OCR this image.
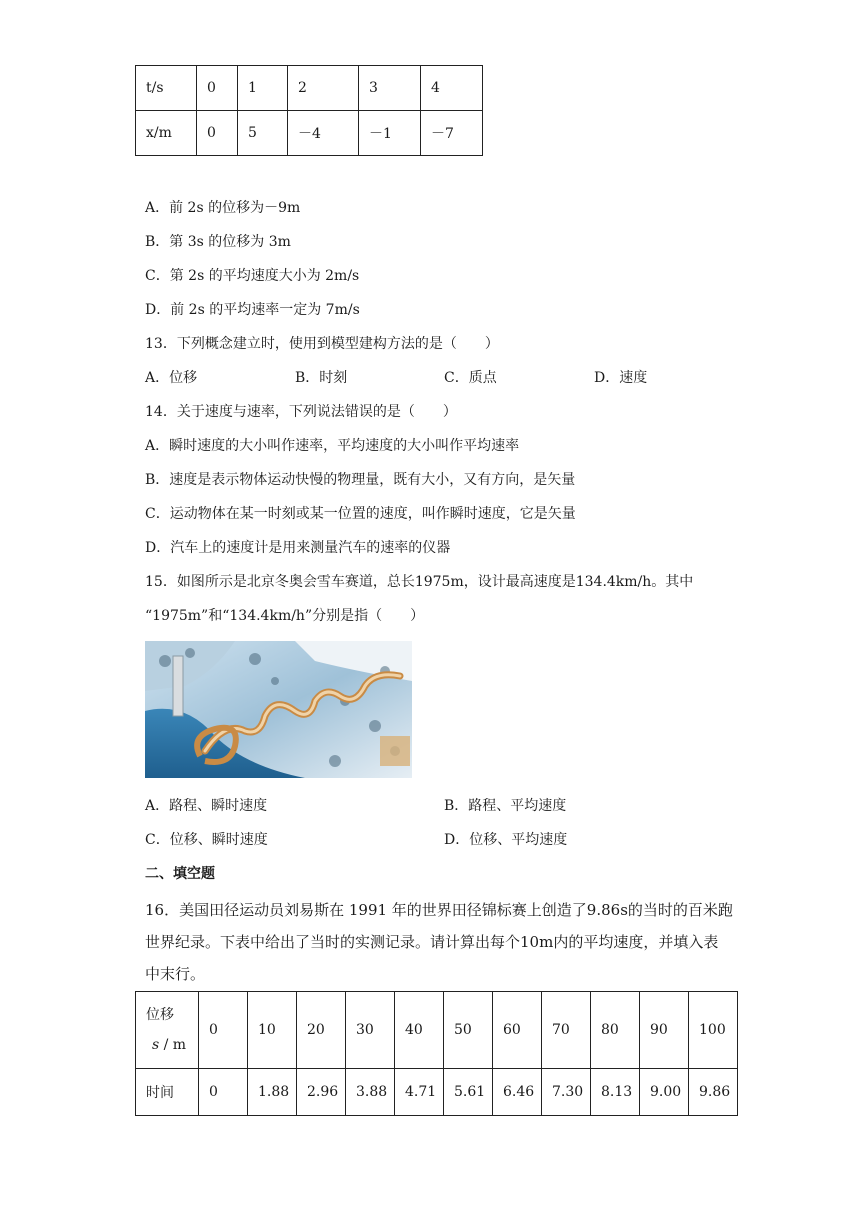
t/s	0	1	2	3	4
x/m	0	5	－4	－1	－7
A．前 2s 的位移为－9m
B．第 3s 的位移为 3m
C．第 2s 的平均速度大小为 2m/s
D．前 2s 的平均速率一定为 7m/s
13．下列概念建立时，使用到模型建构方法的是（　　）
A．位移	B．时刻	C．质点	D．速度
14．关于速度与速率，下列说法错误的是（　　）
A．瞬时速度的大小叫作速率，平均速度的大小叫作平均速率
B．速度是表示物体运动快慢的物理量，既有大小，又有方向，是矢量
C．运动物体在某一时刻或某一位置的速度，叫作瞬时速度，它是矢量
D．汽车上的速度计是用来测量汽车的速率的仪器
15．如图所示是北京冬奥会雪车赛道，总长1975m，设计最高速度是134.4km/h。其中
“1975m”和“134.4km/h”分别是指（　　）
A．路程、瞬时速度	B．路程、平均速度
C．位移、瞬时速度	D．位移、平均速度
二、填空题
16．美国田径运动员刘易斯在 1991 年的世界田径锦标赛上创造了9.86s的当时的百米跑
世界纪录。下表中给出了当时的实测记录。请计算出每个10m内的平均速度，并填入表
中末行。
位移
s / m	0	10	20	30	40	50	60	70	80	90	100
时间	0	1.88	2.96	3.88	4.71	5.61	6.46	7.30	8.13	9.00	9.86
